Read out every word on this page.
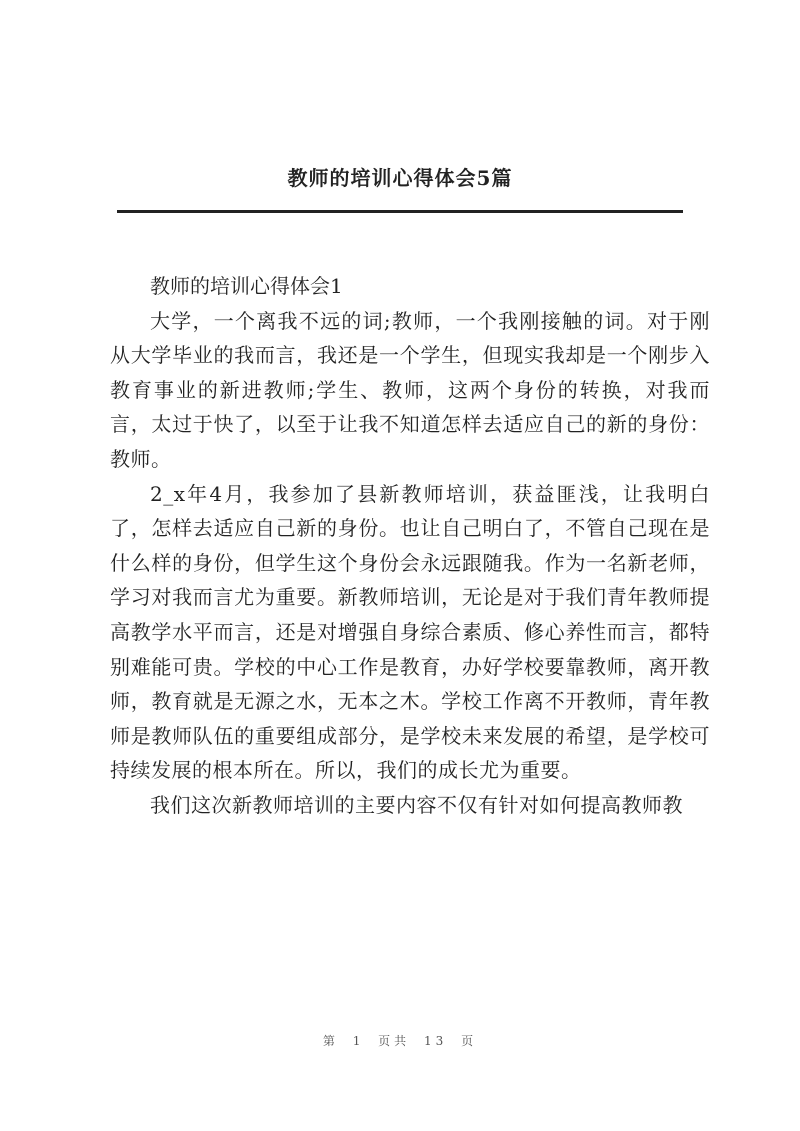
教师的培训心得体会5篇

教师的培训心得体会1

大学，一个离我不远的词;教师，一个我刚接触的词。对于刚从大学毕业的我而言，我还是一个学生，但现实我却是一个刚步入教育事业的新进教师;学生、教师，这两个身份的转换，对我而言，太过于快了，以至于让我不知道怎样去适应自己的新的身份：教师。

2_x年4月，我参加了县新教师培训，获益匪浅，让我明白了，怎样去适应自己新的身份。也让自己明白了，不管自己现在是什么样的身份，但学生这个身份会永远跟随我。作为一名新老师，学习对我而言尤为重要。新教师培训，无论是对于我们青年教师提高教学水平而言，还是对增强自身综合素质、修心养性而言，都特别难能可贵。学校的中心工作是教育，办好学校要靠教师，离开教师，教育就是无源之水，无本之木。学校工作离不开教师，青年教师是教师队伍的重要组成部分，是学校未来发展的希望，是学校可持续发展的根本所在。所以，我们的成长尤为重要。

我们这次新教师培训的主要内容不仅有针对如何提高教师教

第 1 页共 13 页
